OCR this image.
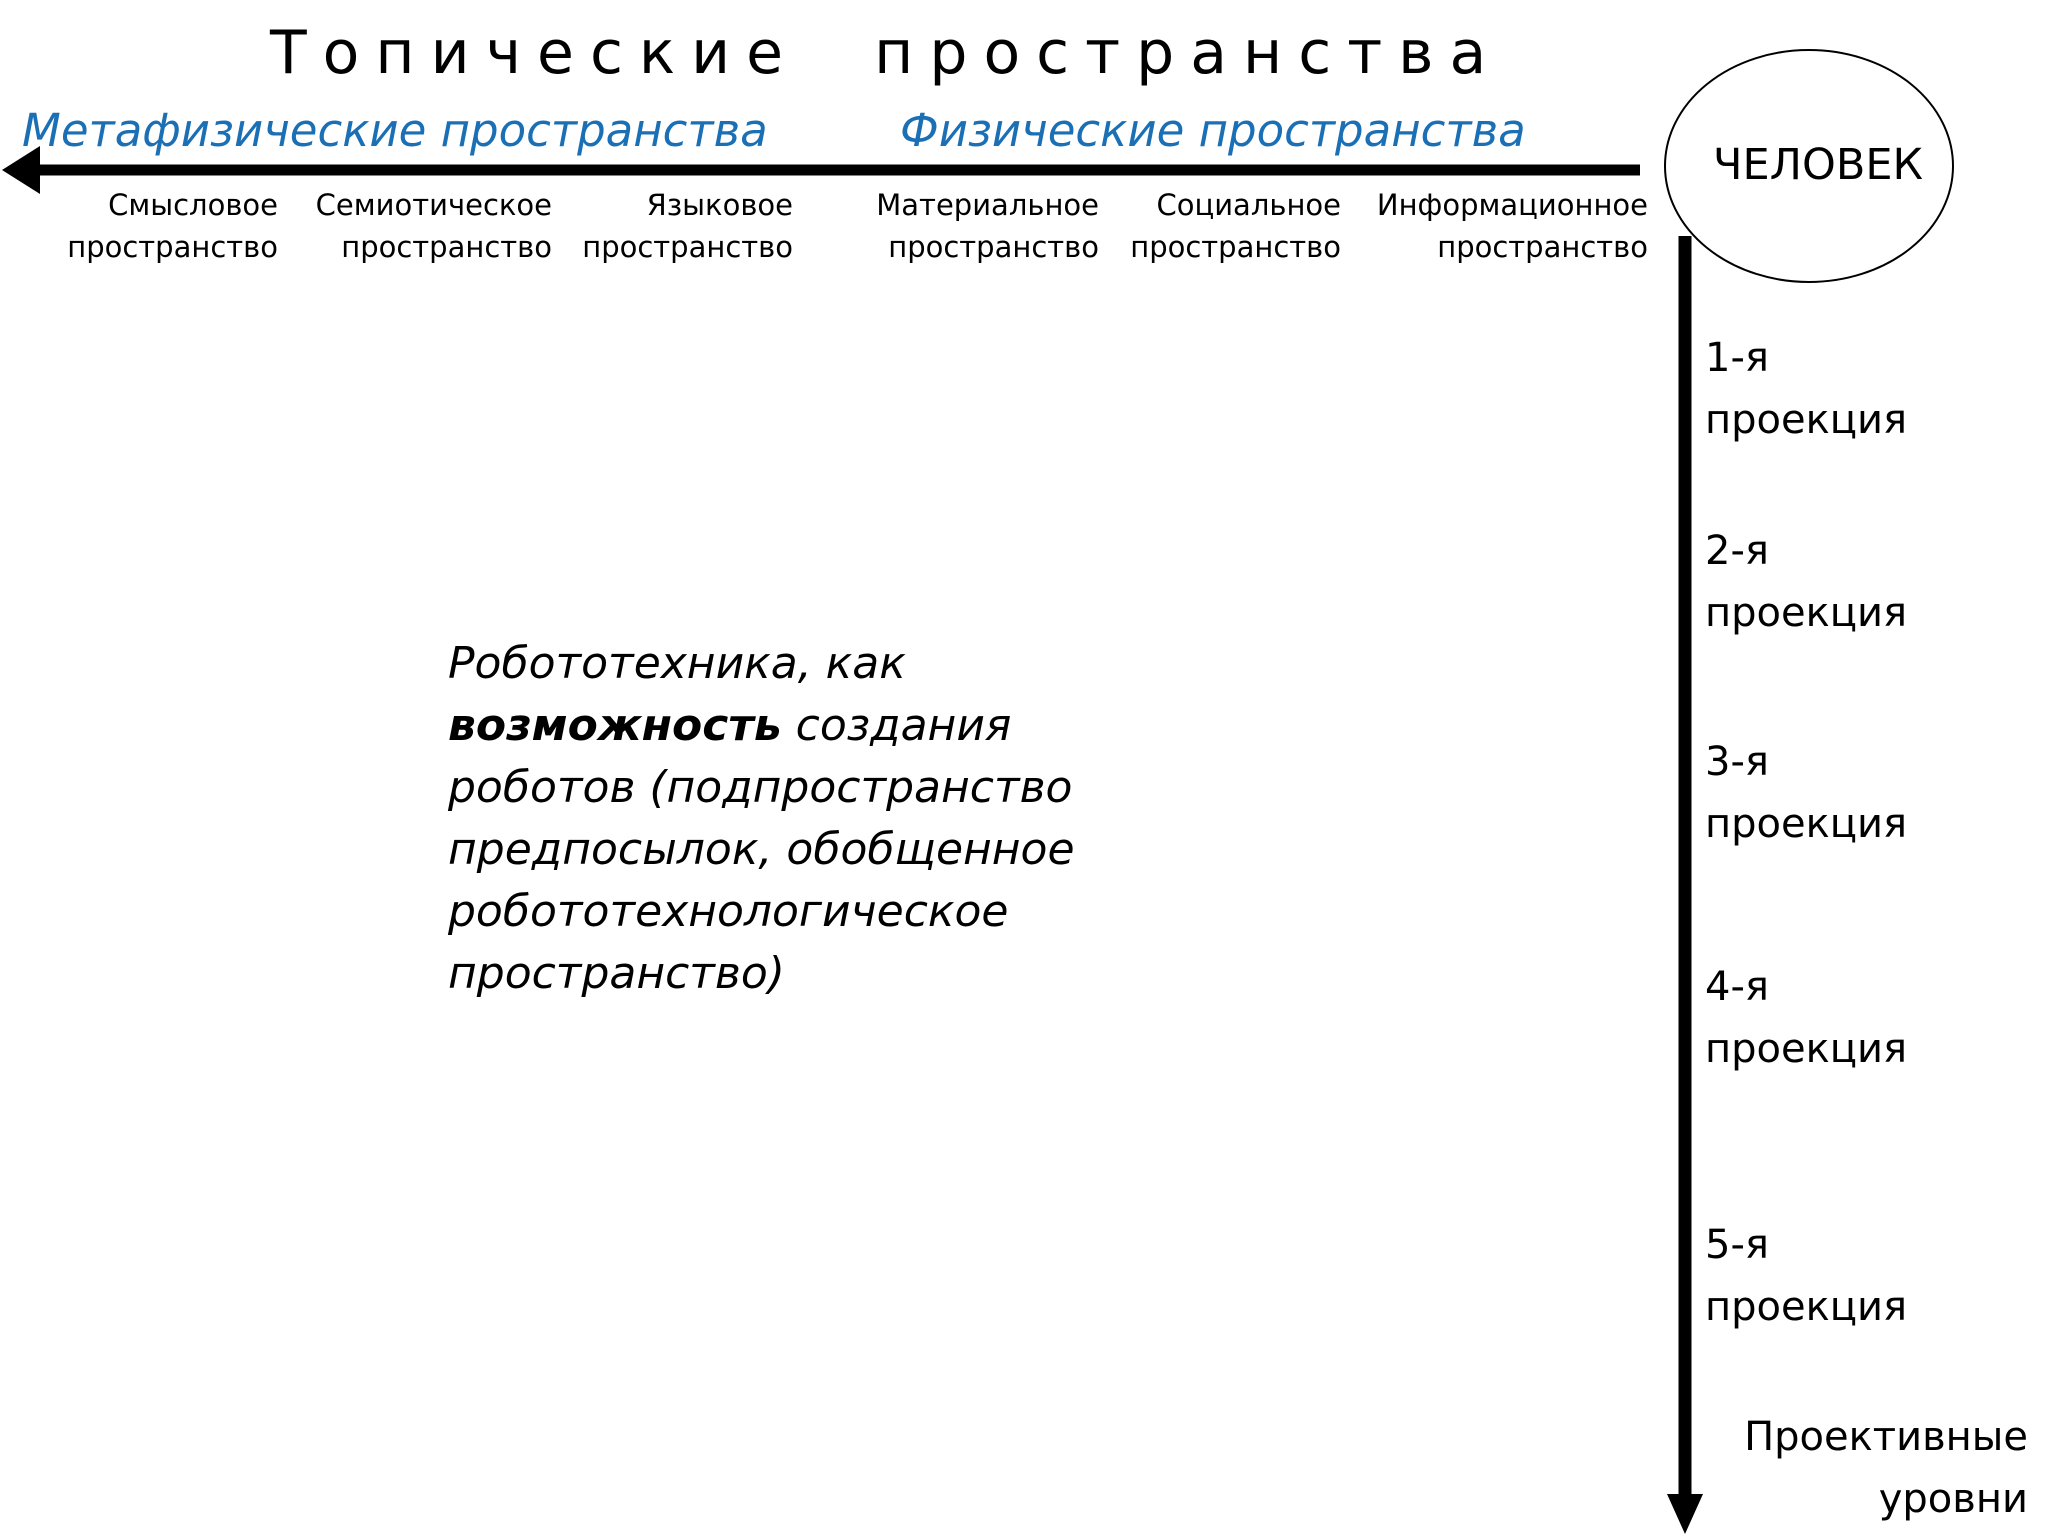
Топические пространства
Метафизические пространства	Физические пространства
ЧЕЛОВЕК
Смысловое
пространство
Семиотическое
пространство
Языковое
пространство
Материальное
пространство
Социальное
пространство
Информационное
пространство
1-я
проекция
2-я
проекция
3-я
проекция
4-я
проекция
5-я
проекция
Проективные
уровни
Робототехника, как возможность создания роботов (подпространство предпосылок, обобщенное робототехнологическое пространство)
